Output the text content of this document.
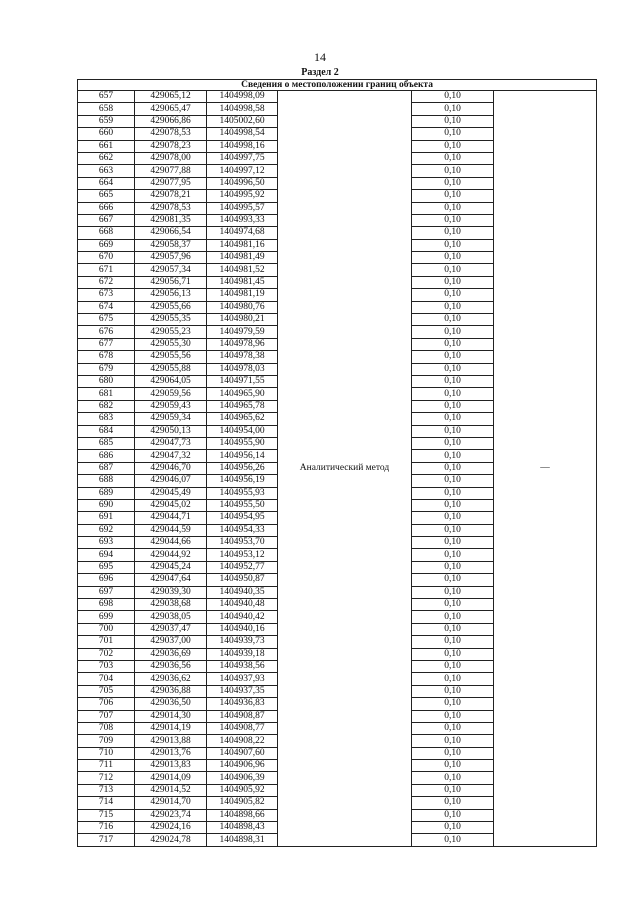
14
Раздел 2
Сведения о местоположении границ объекта					
657	429065,12	1404998,09	Аналитический метод	0,10	—
658	429065,47	1404998,58		0,10	
659	429066,86	1405002,60		0,10	
660	429078,53	1404998,54		0,10	
661	429078,23	1404998,16		0,10	
662	429078,00	1404997,75		0,10	
663	429077,88	1404997,12		0,10	
664	429077,95	1404996,50		0,10	
665	429078,21	1404995,92		0,10	
666	429078,53	1404995,57		0,10	
667	429081,35	1404993,33		0,10	
668	429066,54	1404974,68		0,10	
669	429058,37	1404981,16		0,10	
670	429057,96	1404981,49		0,10	
671	429057,34	1404981,52		0,10	
672	429056,71	1404981,45		0,10	
673	429056,13	1404981,19		0,10	
674	429055,66	1404980,76		0,10	
675	429055,35	1404980,21		0,10	
676	429055,23	1404979,59		0,10	
677	429055,30	1404978,96		0,10	
678	429055,56	1404978,38		0,10	
679	429055,88	1404978,03		0,10	
680	429064,05	1404971,55		0,10	
681	429059,56	1404965,90		0,10	
682	429059,43	1404965,78		0,10	
683	429059,34	1404965,62		0,10	
684	429050,13	1404954,00		0,10	
685	429047,73	1404955,90		0,10	
686	429047,32	1404956,14		0,10	
687	429046,70	1404956,26		0,10	
688	429046,07	1404956,19		0,10	
689	429045,49	1404955,93		0,10	
690	429045,02	1404955,50		0,10	
691	429044,71	1404954,95		0,10	
692	429044,59	1404954,33		0,10	
693	429044,66	1404953,70		0,10	
694	429044,92	1404953,12		0,10	
695	429045,24	1404952,77		0,10	
696	429047,64	1404950,87		0,10	
697	429039,30	1404940,35		0,10	
698	429038,68	1404940,48		0,10	
699	429038,05	1404940,42		0,10	
700	429037,47	1404940,16		0,10	
701	429037,00	1404939,73		0,10	
702	429036,69	1404939,18		0,10	
703	429036,56	1404938,56		0,10	
704	429036,62	1404937,93		0,10	
705	429036,88	1404937,35		0,10	
706	429036,50	1404936,83		0,10	
707	429014,30	1404908,87		0,10	
708	429014,19	1404908,77		0,10	
709	429013,88	1404908,22		0,10	
710	429013,76	1404907,60		0,10	
711	429013,83	1404906,96		0,10	
712	429014,09	1404906,39		0,10	
713	429014,52	1404905,92		0,10	
714	429014,70	1404905,82		0,10	
715	429023,74	1404898,66		0,10	
716	429024,16	1404898,43		0,10	
717	429024,78	1404898,31		0,10	
